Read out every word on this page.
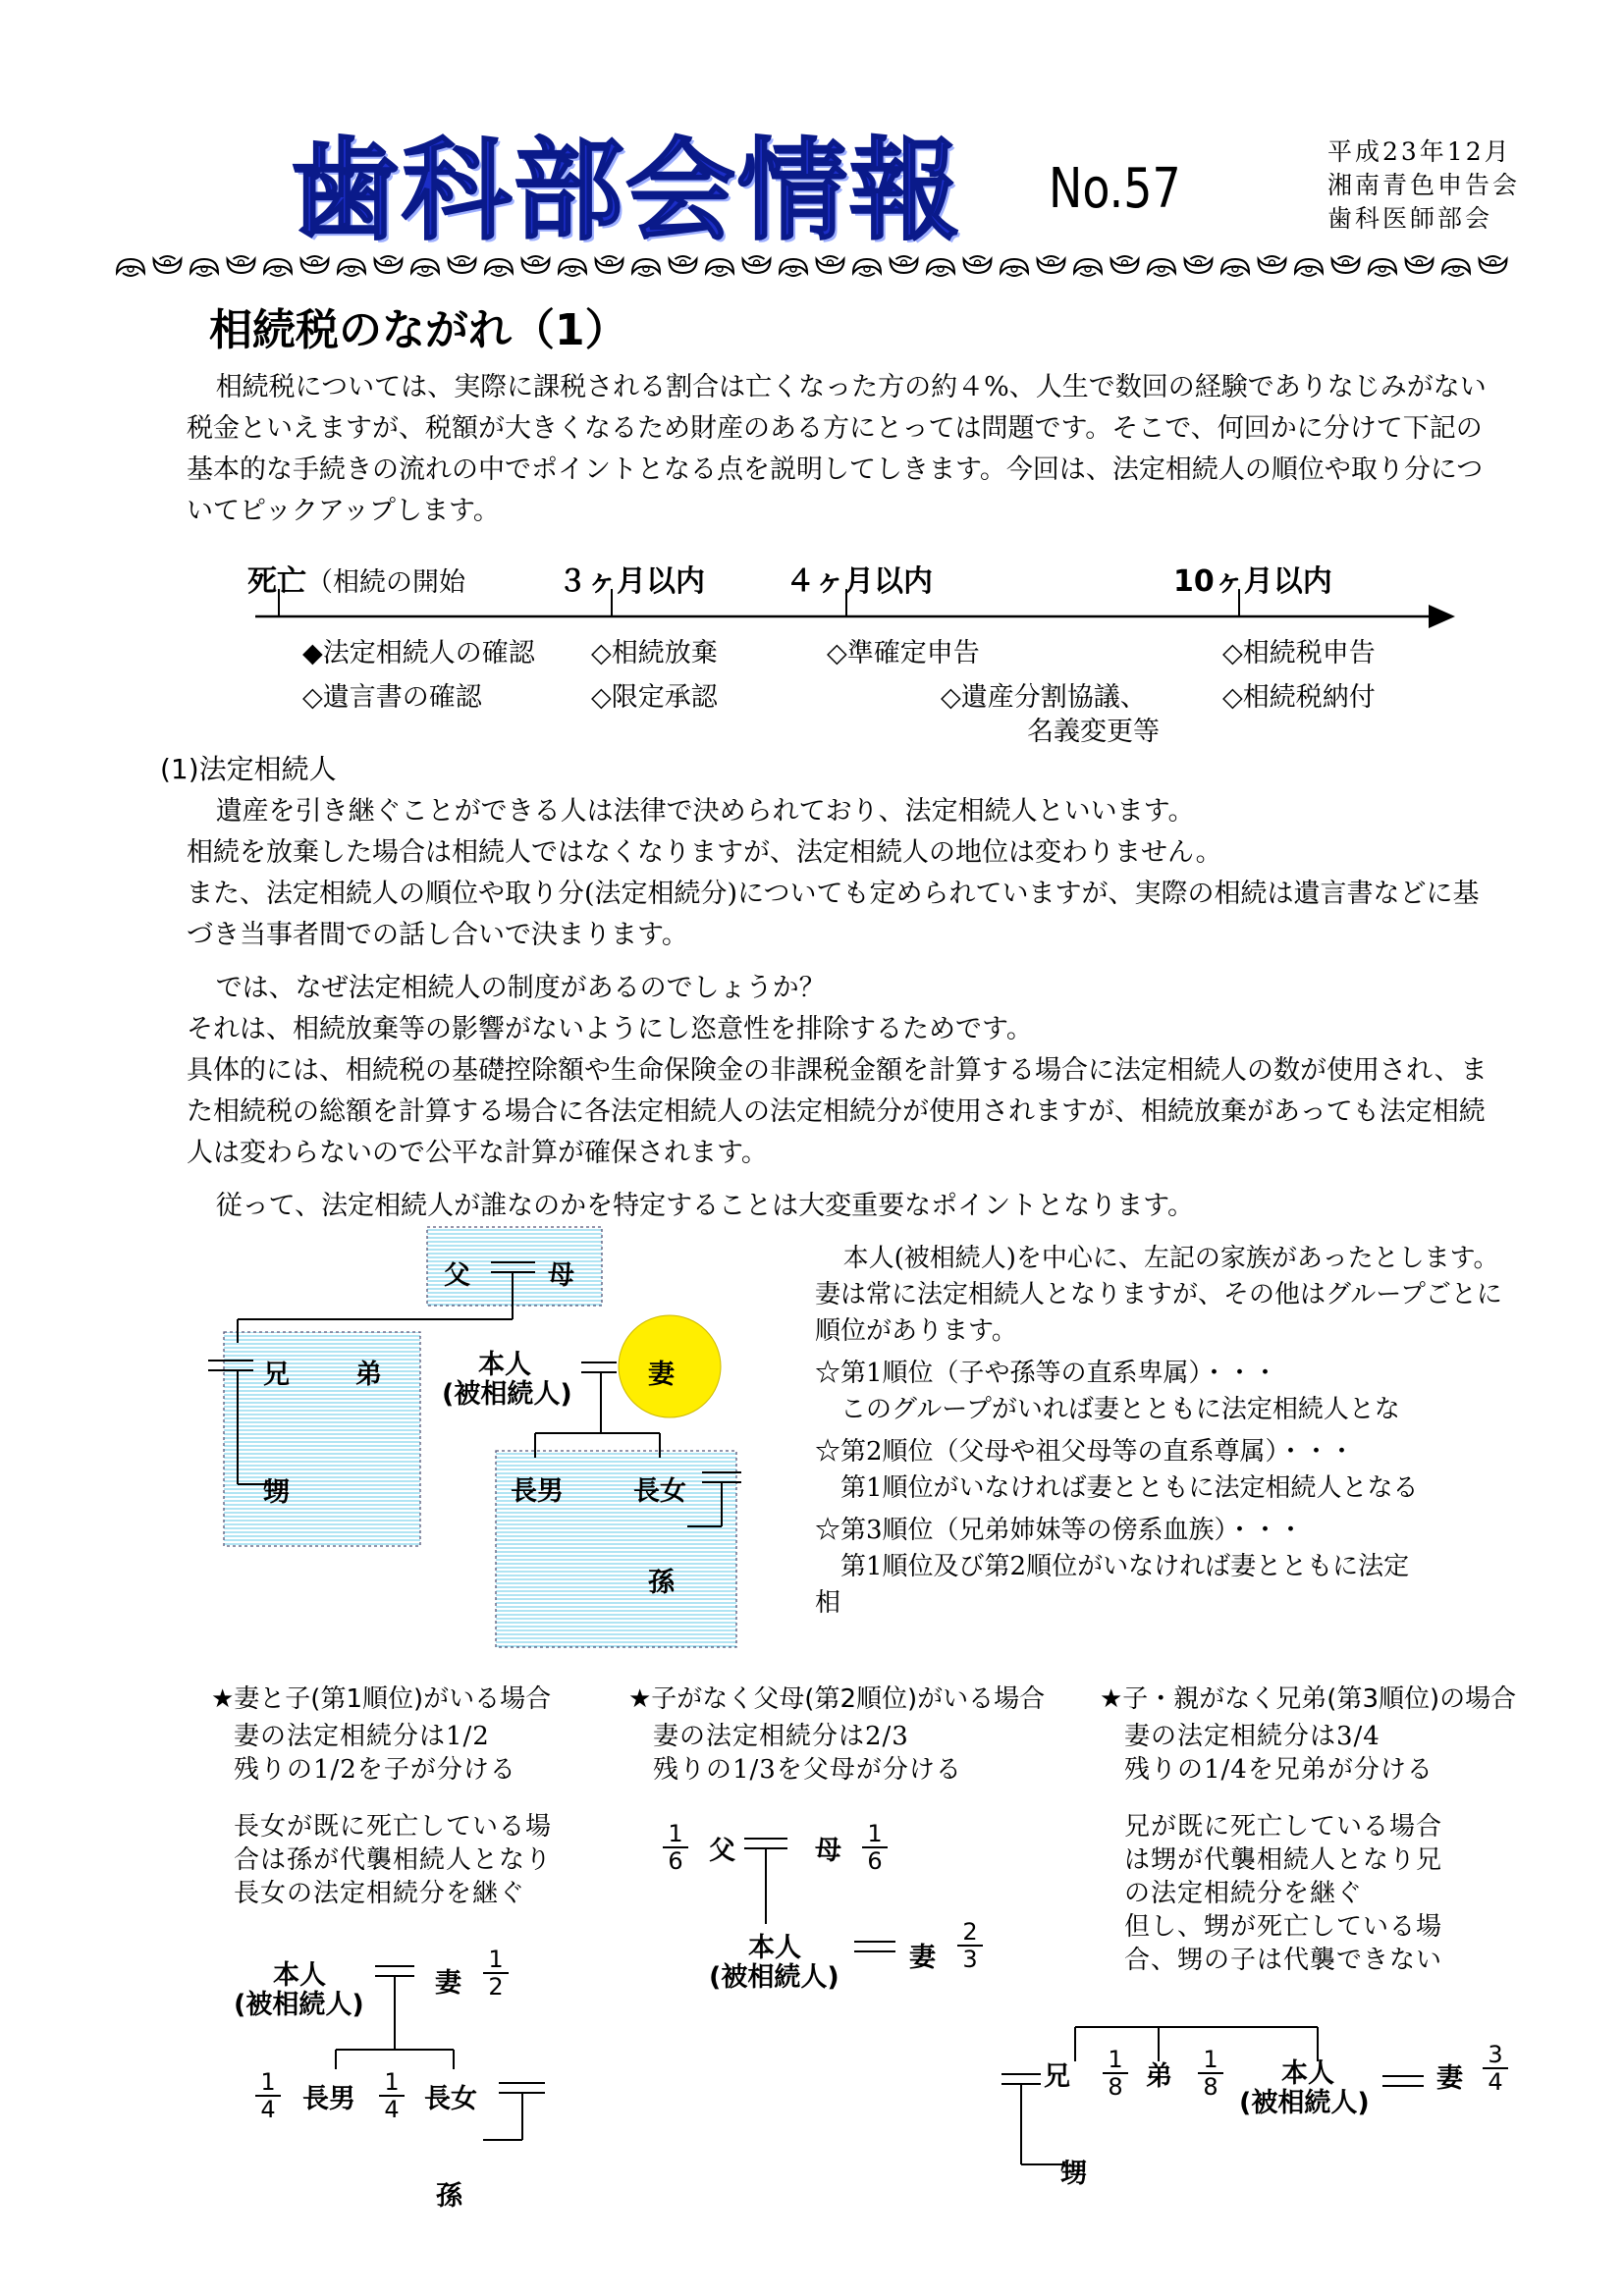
歯科部会情報 No.57
平成23年12月
湘南青色申告会
歯科医師部会
相続税のながれ（1）

相続税については、実際に課税される割合は亡くなった方の約４%、人生で数回の経験でありなじみがない税金といえますが、税額が大きくなるため財産のある方にとっては問題です。そこで、何回かに分けて下記の基本的な手続きの流れの中でポイントとなる点を説明してしきます。今回は、法定相続人の順位や取り分についてピックアップします。

死亡（相続の開始	３ヶ月以内	４ヶ月以内	10ヶ月以内
◆法定相続人の確認
◇遺言書の確認
◇相続放棄
◇限定承認
◇準確定申告
◇遺産分割協議、
名義変更等
◇相続税申告
◇相続税納付
(1)法定相続人

遺産を引き継ぐことができる人は法律で決められており、法定相続人といいます。

相続を放棄した場合は相続人ではなくなりますが、法定相続人の地位は変わりません。

また、法定相続人の順位や取り分(法定相続分)についても定められていますが、実際の相続は遺言書などに基づき当事者間での話し合いで決まります。

では、なぜ法定相続人の制度があるのでしょうか？

それは、相続放棄等の影響がないようにし恣意性を排除するためです。

具体的には、相続税の基礎控除額や生命保険金の非課税金額を計算する場合に法定相続人の数が使用され、また相続税の総額を計算する場合に各法定相続人の法定相続分が使用されますが、相続放棄があっても法定相続人は変わらないので公平な計算が確保されます。

従って、法定相続人が誰なのかを特定することは大変重要なポイントとなります。

父	母
兄 弟	本人
(被相続人)
妻
甥	長男	長女
孫

本人(被相続人)を中心に、左記の家族があったとします。妻は常に法定相続人となりますが、その他はグループごとに順位があります。

☆第1順位（子や孫等の直系卑属）・・・

このグループがいれば妻とともに法定相続人とな

☆第2順位（父母や祖父母等の直系尊属）・・・

第1順位がいなければ妻とともに法定相続人となる

☆第3順位（兄弟姉妹等の傍系血族）・・・

第1順位及び第2順位がいなければ妻とともに法定

相

★妻と子(第1順位)がいる場合	★子がなく父母(第2順位)がいる場合 ★子・親がなく兄弟(第3順位)の場合

妻の法定相続分は1/2

残りの1/2を子が分ける

長女が既に死亡している場

合は孫が代襲相続人となり

長女の法定相続分を継ぐ

妻の法定相続分は2/3

残りの1/3を父母が分ける

妻の法定相続分は3/4

残りの1/4を兄弟が分ける

兄が既に死亡している場合

は甥が代襲相続人となり兄

の法定相続分を継ぐ

但し、甥が死亡している場

合、甥の子は代襲できない

本人
(被相続人)
妻
1
2
1
4 長男
1
4 長女
孫
1
6 父	母
1
6
本人
(被相続人)
妻
2
3
兄
1
8 弟
1
8 本人
(被相続人)
妻
3
4
甥
